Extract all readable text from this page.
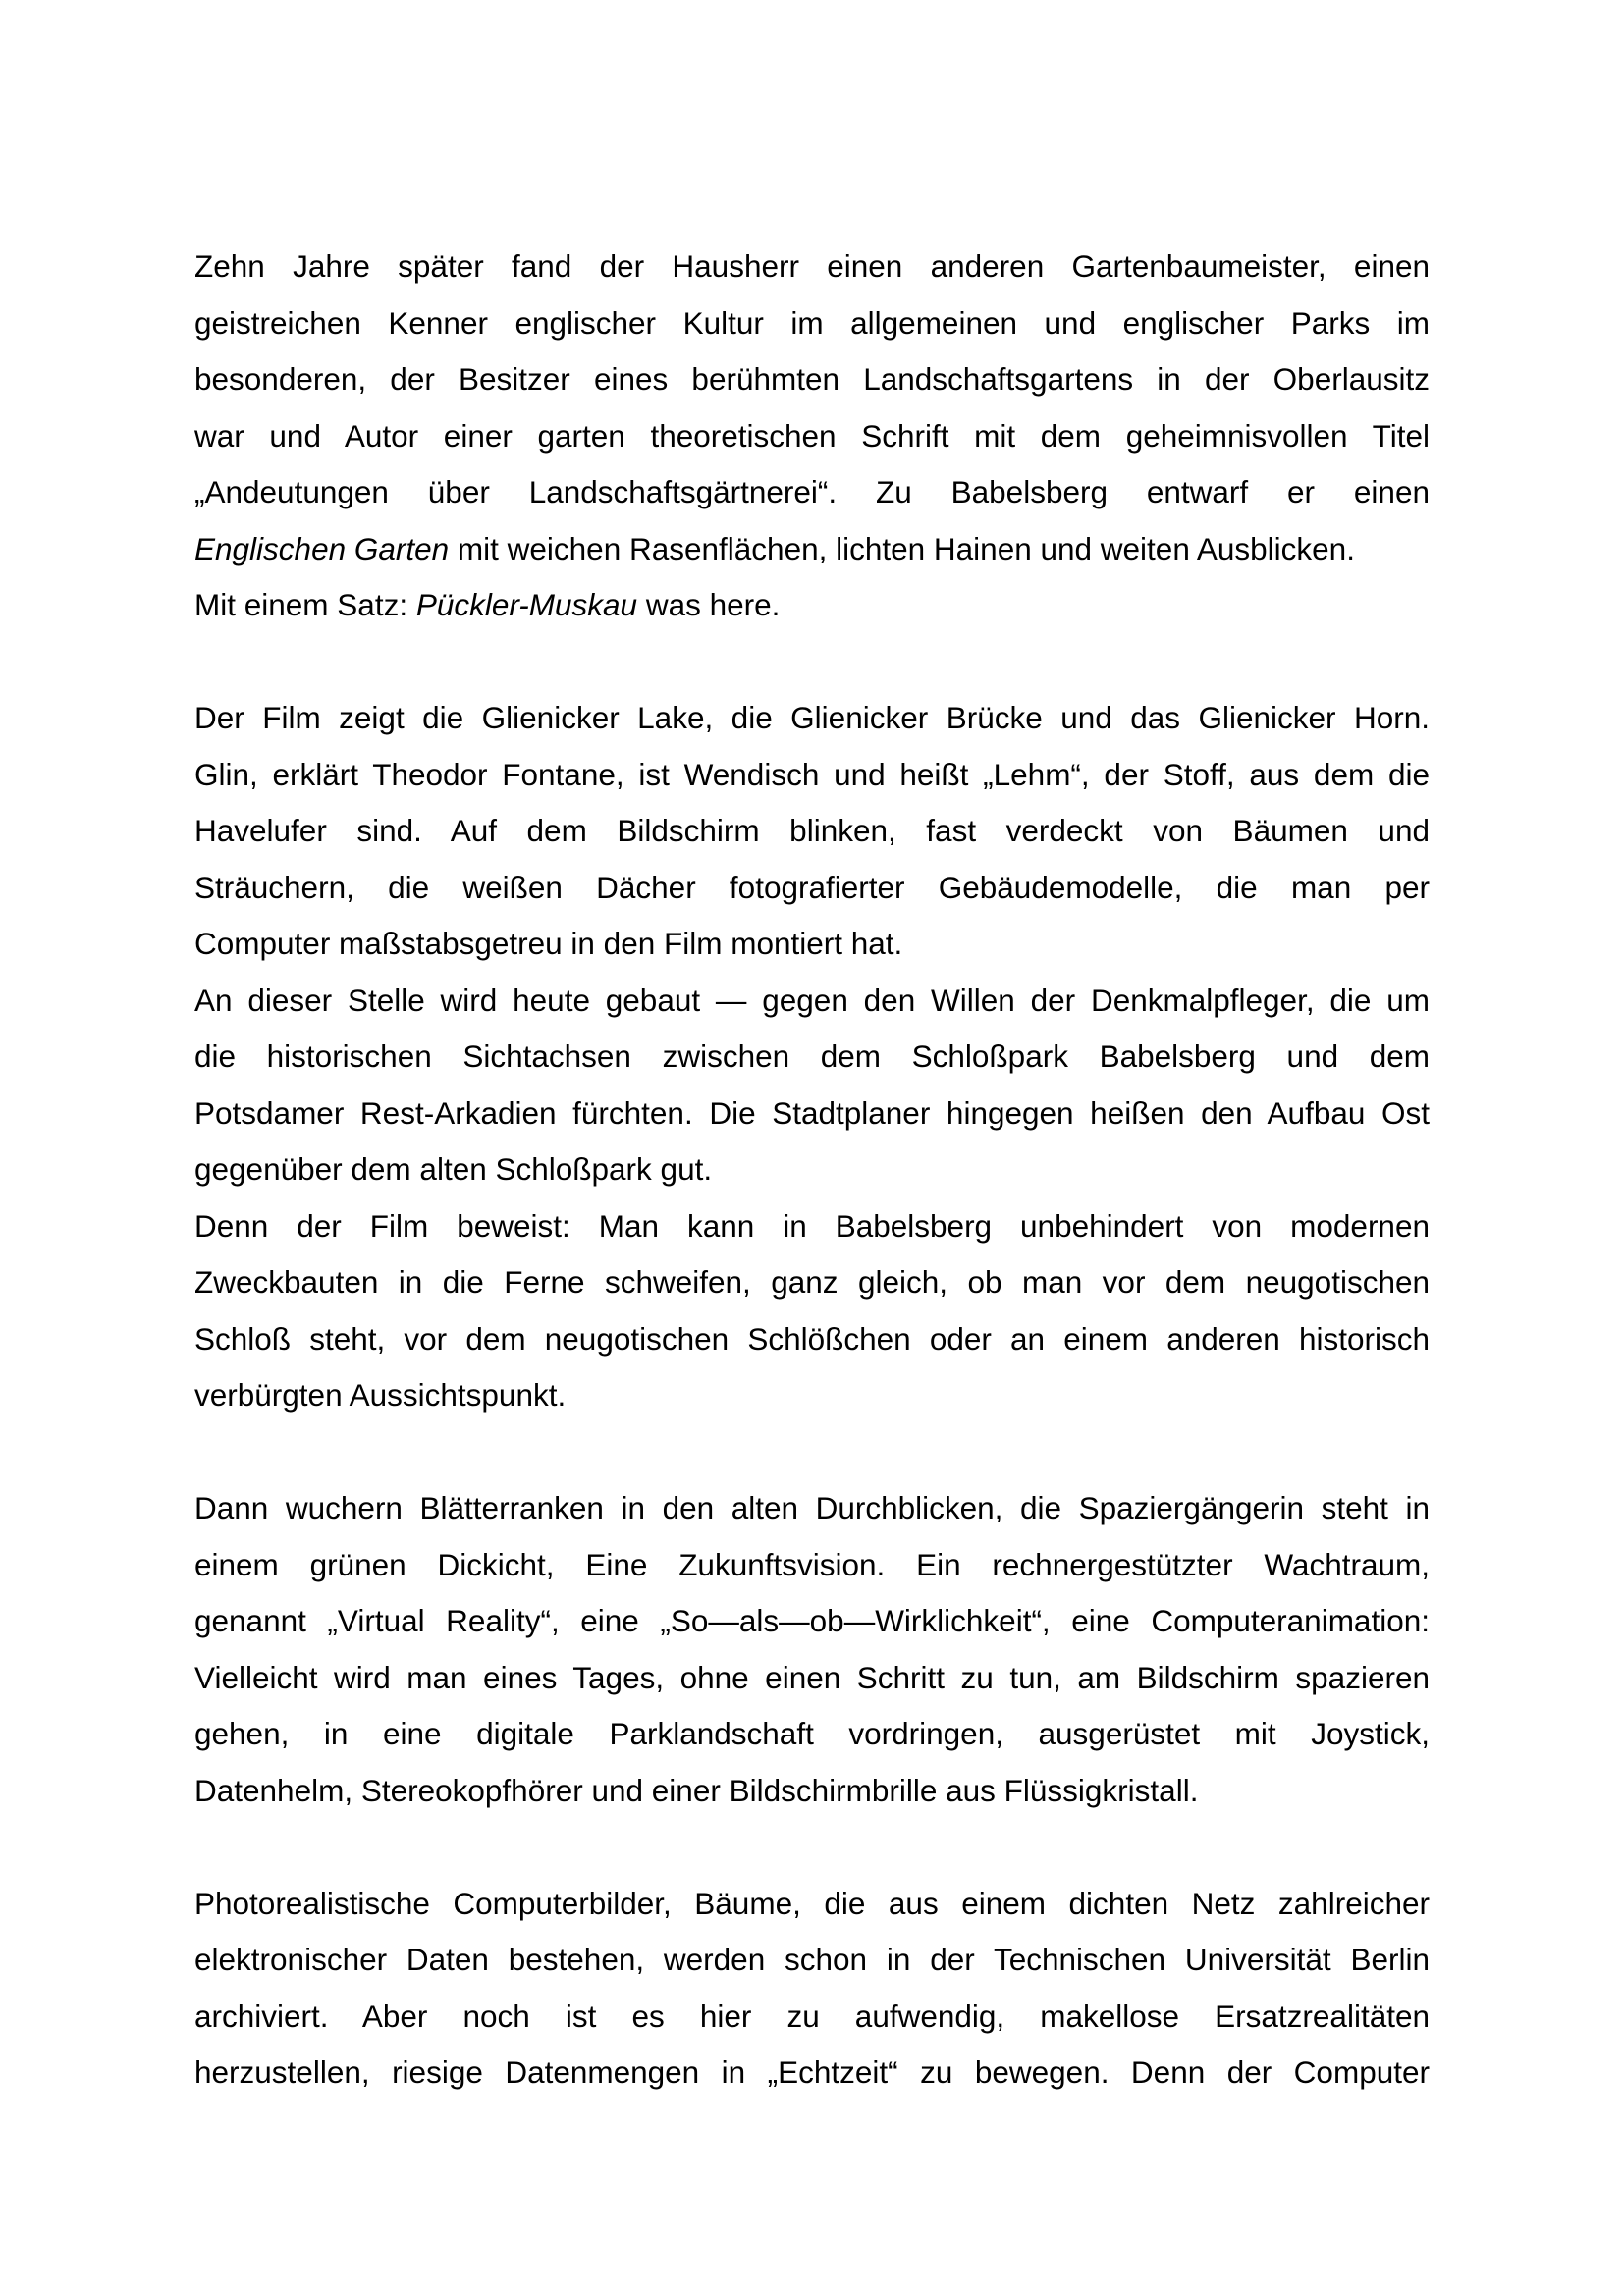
Zehn Jahre später fand der Hausherr einen anderen Gartenbaumeister, einen
geistreichen Kenner englischer Kultur im allgemeinen und englischer Parks im
besonderen, der Besitzer eines berühmten Landschaftsgartens in der Oberlausitz
war und Autor einer garten theoretischen Schrift mit dem geheimnisvollen Titel
„Andeutungen über Landschaftsgärtnerei“. Zu Babelsberg entwarf er einen
Englischen Garten mit weichen Rasenflächen, lichten Hainen und weiten Ausblicken.
Mit einem Satz: Pückler-Muskau was here.
Der Film zeigt die Glienicker Lake, die Glienicker Brücke und das Glienicker Horn.
Glin, erklärt Theodor Fontane, ist Wendisch und heißt „Lehm“, der Stoff, aus dem die
Havelufer sind. Auf dem Bildschirm blinken, fast verdeckt von Bäumen und
Sträuchern, die weißen Dächer fotografierter Gebäudemodelle, die man per
Computer maßstabsgetreu in den Film montiert hat.
An dieser Stelle wird heute gebaut — gegen den Willen der Denkmalpfleger, die um
die historischen Sichtachsen zwischen dem Schloßpark Babelsberg und dem
Potsdamer Rest-Arkadien fürchten. Die Stadtplaner hingegen heißen den Aufbau Ost
gegenüber dem alten Schloßpark gut.
Denn der Film beweist: Man kann in Babelsberg unbehindert von modernen
Zweckbauten in die Ferne schweifen, ganz gleich, ob man vor dem neugotischen
Schloß steht, vor dem neugotischen Schlößchen oder an einem anderen historisch
verbürgten Aussichtspunkt.
Dann wuchern Blätterranken in den alten Durchblicken, die Spaziergängerin steht in
einem grünen Dickicht, Eine Zukunftsvision. Ein rechnergestützter Wachtraum,
genannt „Virtual Reality“, eine „So—als—ob—Wirklichkeit“, eine Computeranimation:
Vielleicht wird man eines Tages, ohne einen Schritt zu tun, am Bildschirm spazieren
gehen, in eine digitale Parklandschaft vordringen, ausgerüstet mit Joystick,
Datenhelm, Stereokopfhörer und einer Bildschirmbrille aus Flüssigkristall.
Photorealistische Computerbilder, Bäume, die aus einem dichten Netz zahlreicher
elektronischer Daten bestehen, werden schon in der Technischen Universität Berlin
archiviert. Aber noch ist es hier zu aufwendig, makellose Ersatzrealitäten
herzustellen, riesige Datenmengen in „Echtzeit“ zu bewegen. Denn der Computer
